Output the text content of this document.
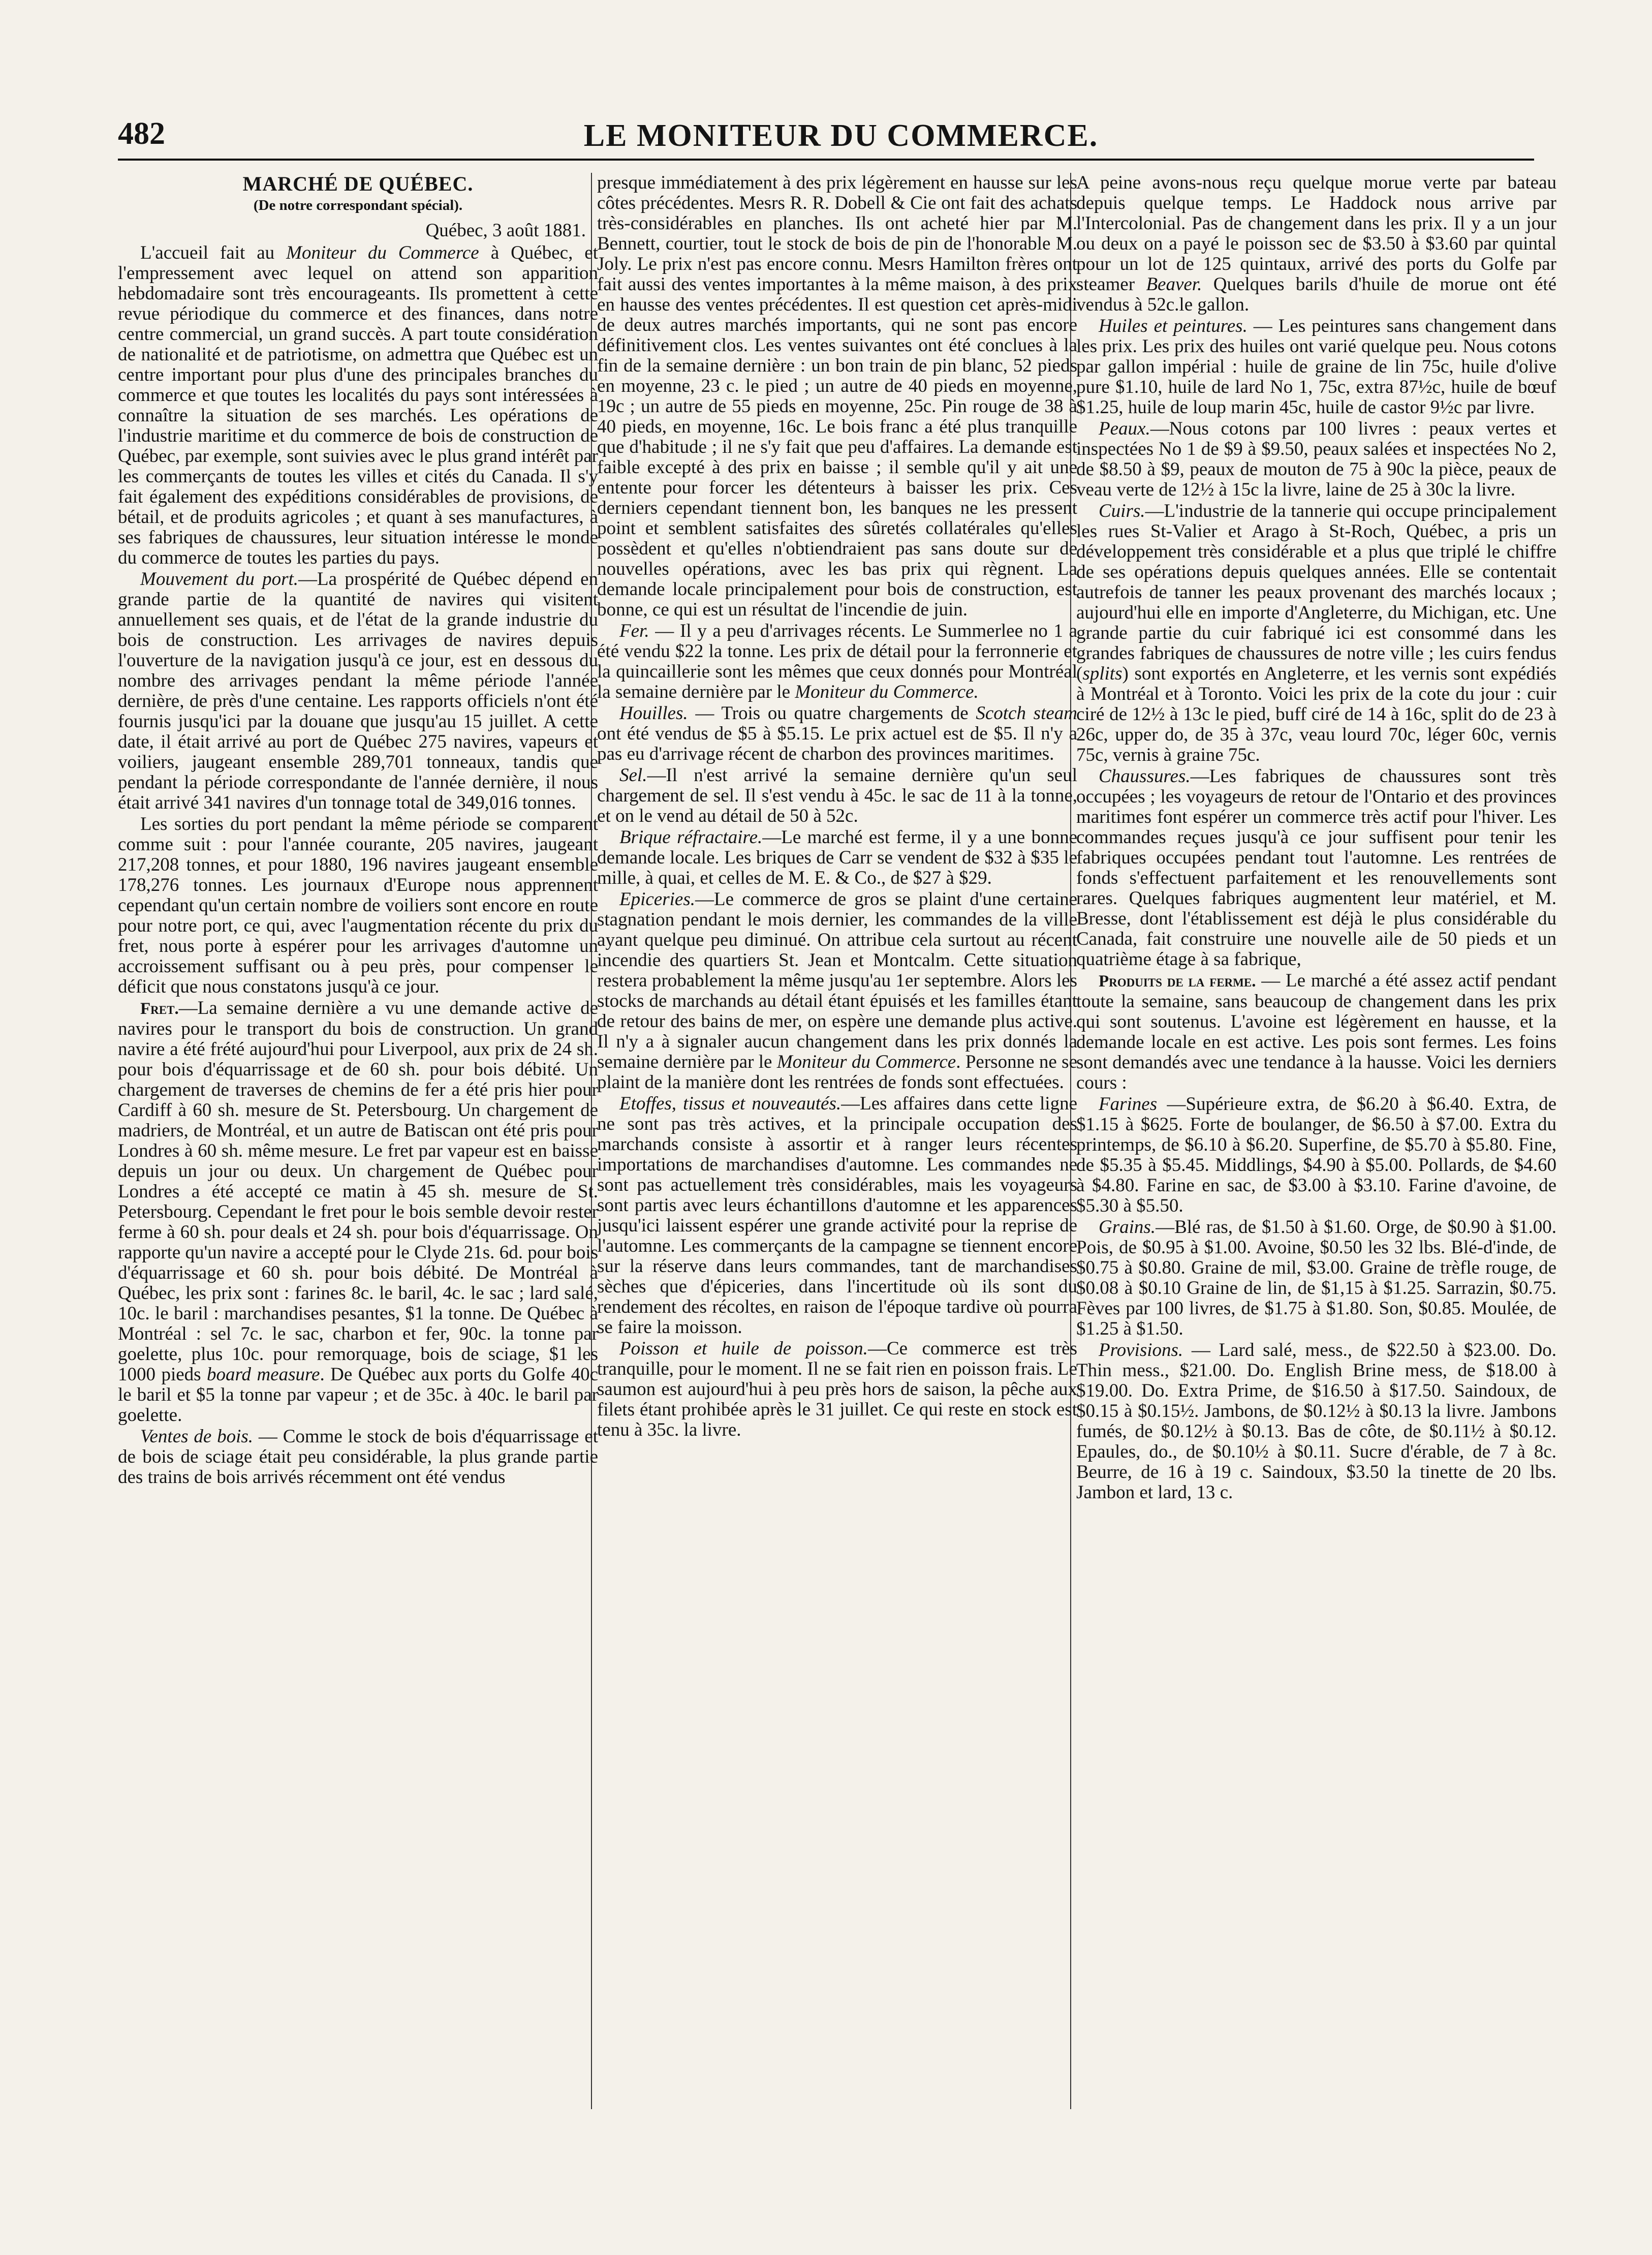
482	LE MONITEUR DU COMMERCE.
MARCHÉ DE QUÉBEC.
(De notre correspondant spécial).
Québec, 3 août 1881.

L'accueil fait au Moniteur du Commerce à Québec, et l'empressement avec lequel on attend son apparition hebdomadaire sont très encourageants. Ils promettent à cette revue périodique du commerce et des finances, dans notre centre commercial, un grand succès. A part toute considération de nationalité et de patriotisme, on admettra que Québec est un centre important pour plus d'une des principales branches du commerce et que toutes les localités du pays sont intéressées à connaître la situation de ses marchés. Les opérations de l'industrie maritime et du commerce de bois de construction de Québec, par exemple, sont suivies avec le plus grand intérêt par les commerçants de toutes les villes et cités du Canada. Il s'y fait également des expéditions considérables de provisions, de bétail, et de produits agricoles ; et quant à ses manufactures, à ses fabriques de chaussures, leur situation intéresse le monde du commerce de toutes les parties du pays.

Mouvement du port.—La prospérité de Québec dépend en grande partie de la quantité de navires qui visitent annuellement ses quais, et de l'état de la grande industrie du bois de construction. Les arrivages de navires depuis l'ouverture de la navigation jusqu'à ce jour, est en dessous du nombre des arrivages pendant la même période l'année dernière, de près d'une centaine. Les rapports officiels n'ont été fournis jusqu'ici par la douane que jusqu'au 15 juillet. A cette date, il était arrivé au port de Québec 275 navires, vapeurs et voiliers, jaugeant ensemble 289,701 tonneaux, tandis que pendant la période correspondante de l'année dernière, il nous était arrivé 341 navires d'un tonnage total de 349,016 tonnes.

Les sorties du port pendant la même période se comparent comme suit : pour l'année courante, 205 navires, jaugeant 217,208 tonnes, et pour 1880, 196 navires jaugeant ensemble 178,276 tonnes. Les journaux d'Europe nous apprennent cependant qu'un certain nombre de voiliers sont encore en route pour notre port, ce qui, avec l'augmentation récente du prix du fret, nous porte à espérer pour les arrivages d'automne un accroissement suffisant ou à peu près, pour compenser le déficit que nous constatons jusqu'à ce jour.

Fret.—La semaine dernière a vu une demande active de navires pour le transport du bois de construction. Un grand navire a été frété aujourd'hui pour Liverpool, aux prix de 24 sh. pour bois d'équarrissage et de 60 sh. pour bois débité. Un chargement de traverses de chemins de fer a été pris hier pour Cardiff à 60 sh. mesure de St. Petersbourg. Un chargement de madriers, de Montréal, et un autre de Batiscan ont été pris pour Londres à 60 sh. même mesure. Le fret par vapeur est en baisse depuis un jour ou deux. Un chargement de Québec pour Londres a été accepté ce matin à 45 sh. mesure de St. Petersbourg. Cependant le fret pour le bois semble devoir rester ferme à 60 sh. pour deals et 24 sh. pour bois d'équarrissage. On rapporte qu'un navire a accepté pour le Clyde 21s. 6d. pour bois d'équarrissage et 60 sh. pour bois débité. De Montréal à Québec, les prix sont : farines 8c. le baril, 4c. le sac ; lard salé, 10c. le baril : marchandises pesantes, $1 la tonne. De Québec à Montréal : sel 7c. le sac, charbon et fer, 90c. la tonne par goelette, plus 10c. pour remorquage, bois de sciage, $1 les 1000 pieds board measure. De Québec aux ports du Golfe 40c le baril et $5 la tonne par vapeur ; et de 35c. à 40c. le baril par goelette.

Ventes de bois. — Comme le stock de bois d'équarrissage et de bois de sciage était peu considérable, la plus grande partie des trains de bois arrivés récemment ont été vendus

presque immédiatement à des prix légèrement en hausse sur les côtes précédentes. Mesrs R. R. Dobell & Cie ont fait des achats très-considérables en planches. Ils ont acheté hier par M. Bennett, courtier, tout le stock de bois de pin de l'honorable M. Joly. Le prix n'est pas encore connu. Mesrs Hamilton frères ont fait aussi des ventes importantes à la même maison, à des prix en hausse des ventes précédentes. Il est question cet après-midi de deux autres marchés importants, qui ne sont pas encore définitivement clos. Les ventes suivantes ont été conclues à la fin de la semaine dernière : un bon train de pin blanc, 52 pieds en moyenne, 23 c. le pied ; un autre de 40 pieds en moyenne, 19c ; un autre de 55 pieds en moyenne, 25c. Pin rouge de 38 à 40 pieds, en moyenne, 16c. Le bois franc a été plus tranquille que d'habitude ; il ne s'y fait que peu d'affaires. La demande est faible excepté à des prix en baisse ; il semble qu'il y ait une entente pour forcer les détenteurs à baisser les prix. Ces derniers cependant tiennent bon, les banques ne les pressent point et semblent satisfaites des sûretés collatérales qu'elles possèdent et qu'elles n'obtiendraient pas sans doute sur de nouvelles opérations, avec les bas prix qui règnent. La demande locale principalement pour bois de construction, est bonne, ce qui est un résultat de l'incendie de juin.

Fer. — Il y a peu d'arrivages récents. Le Summerlee no 1 a été vendu $22 la tonne. Les prix de détail pour la ferronnerie et la quincaillerie sont les mêmes que ceux donnés pour Montréal la semaine dernière par le Moniteur du Commerce.

Houilles. — Trois ou quatre chargements de Scotch steam ont été vendus de $5 à $5.15. Le prix actuel est de $5. Il n'y a pas eu d'arrivage récent de charbon des provinces maritimes.

Sel.—Il n'est arrivé la semaine dernière qu'un seul chargement de sel. Il s'est vendu à 45c. le sac de 11 à la tonne, et on le vend au détail de 50 à 52c.

Brique réfractaire.—Le marché est ferme, il y a une bonne demande locale. Les briques de Carr se vendent de $32 à $35 le mille, à quai, et celles de M. E. & Co., de $27 à $29.

Epiceries.—Le commerce de gros se plaint d'une certaine stagnation pendant le mois dernier, les commandes de la ville ayant quelque peu diminué. On attribue cela surtout au récent incendie des quartiers St. Jean et Montcalm. Cette situation restera probablement la même jusqu'au 1er septembre. Alors les stocks de marchands au détail étant épuisés et les familles étant de retour des bains de mer, on espère une demande plus active. Il n'y a à signaler aucun changement dans les prix donnés la semaine dernière par le Moniteur du Commerce. Personne ne se plaint de la manière dont les rentrées de fonds sont effectuées.

Etoffes, tissus et nouveautés.—Les affaires dans cette ligne ne sont pas très actives, et la principale occupation des marchands consiste à assortir et à ranger leurs récentes importations de marchandises d'automne. Les commandes ne sont pas actuellement très considérables, mais les voyageurs sont partis avec leurs échantillons d'automne et les apparences jusqu'ici laissent espérer une grande activité pour la reprise de l'automne. Les commerçants de la campagne se tiennent encore sur la réserve dans leurs commandes, tant de marchandises sèches que d'épiceries, dans l'incertitude où ils sont du rendement des récoltes, en raison de l'époque tardive où pourra se faire la moisson.

Poisson et huile de poisson.—Ce commerce est très tranquille, pour le moment. Il ne se fait rien en poisson frais. Le saumon est aujourd'hui à peu près hors de saison, la pêche aux filets étant prohibée après le 31 juillet. Ce qui reste en stock est tenu à 35c. la livre.

A peine avons-nous reçu quelque morue verte par bateau depuis quelque temps. Le Haddock nous arrive par l'Intercolonial. Pas de changement dans les prix. Il y a un jour ou deux on a payé le poisson sec de $3.50 à $3.60 par quintal pour un lot de 125 quintaux, arrivé des ports du Golfe par steamer Beaver. Quelques barils d'huile de morue ont été vendus à 52c.le gallon.

Huiles et peintures. — Les peintures sans changement dans les prix. Les prix des huiles ont varié quelque peu. Nous cotons par gallon impérial : huile de graine de lin 75c, huile d'olive pure $1.10, huile de lard No 1, 75c, extra 87½c, huile de bœuf $1.25, huile de loup marin 45c, huile de castor 9½c par livre.

Peaux.—Nous cotons par 100 livres : peaux vertes et inspectées No 1 de $9 à $9.50, peaux salées et inspectées No 2, de $8.50 à $9, peaux de mouton de 75 à 90c la pièce, peaux de veau verte de 12½ à 15c la livre, laine de 25 à 30c la livre.

Cuirs.—L'industrie de la tannerie qui occupe principalement les rues St-Valier et Arago à St-Roch, Québec, a pris un développement très considérable et a plus que triplé le chiffre de ses opérations depuis quelques années. Elle se contentait autrefois de tanner les peaux provenant des marchés locaux ; aujourd'hui elle en importe d'Angleterre, du Michigan, etc. Une grande partie du cuir fabriqué ici est consommé dans les grandes fabriques de chaussures de notre ville ; les cuirs fendus (splits) sont exportés en Angleterre, et les vernis sont expédiés à Montréal et à Toronto. Voici les prix de la cote du jour : cuir ciré de 12½ à 13c le pied, buff ciré de 14 à 16c, split do de 23 à 26c, upper do, de 35 à 37c, veau lourd 70c, léger 60c, vernis 75c, vernis à graine 75c.

Chaussures.—Les fabriques de chaussures sont très occupées ; les voyageurs de retour de l'Ontario et des provinces maritimes font espérer un commerce très actif pour l'hiver. Les commandes reçues jusqu'à ce jour suffisent pour tenir les fabriques occupées pendant tout l'automne. Les rentrées de fonds s'effectuent parfaitement et les renouvellements sont rares. Quelques fabriques augmentent leur matériel, et M. Bresse, dont l'établissement est déjà le plus considérable du Canada, fait construire une nouvelle aile de 50 pieds et un quatrième étage à sa fabrique,

Produits de la ferme. — Le marché a été assez actif pendant toute la semaine, sans beaucoup de changement dans les prix qui sont soutenus. L'avoine est légèrement en hausse, et la demande locale en est active. Les pois sont fermes. Les foins sont demandés avec une tendance à la hausse. Voici les derniers cours :

Farines —Supérieure extra, de $6.20 à $6.40. Extra, de $1.15 à $625. Forte de boulanger, de $6.50 à $7.00. Extra du printemps, de $6.10 à $6.20. Superfine, de $5.70 à $5.80. Fine, de $5.35 à $5.45. Middlings, $4.90 à $5.00. Pollards, de $4.60 à $4.80. Farine en sac, de $3.00 à $3.10. Farine d'avoine, de $5.30 à $5.50.

Grains.—Blé ras, de $1.50 à $1.60. Orge, de $0.90 à $1.00. Pois, de $0.95 à $1.00. Avoine, $0.50 les 32 lbs. Blé-d'inde, de $0.75 à $0.80. Graine de mil, $3.00. Graine de trèfle rouge, de $0.08 à $0.10 Graine de lin, de $1,15 à $1.25. Sarrazin, $0.75. Fèves par 100 livres, de $1.75 à $1.80. Son, $0.85. Moulée, de $1.25 à $1.50.

Provisions. — Lard salé, mess., de $22.50 à $23.00. Do. Thin mess., $21.00. Do. English Brine mess, de $18.00 à $19.00. Do. Extra Prime, de $16.50 à $17.50. Saindoux, de $0.15 à $0.15½. Jambons, de $0.12½ à $0.13 la livre. Jambons fumés, de $0.12½ à $0.13. Bas de côte, de $0.11½ à $0.12. Epaules, do., de $0.10½ à $0.11. Sucre d'érable, de 7 à 8c. Beurre, de 16 à 19 c. Saindoux, $3.50 la tinette de 20 lbs. Jambon et lard, 13 c.
